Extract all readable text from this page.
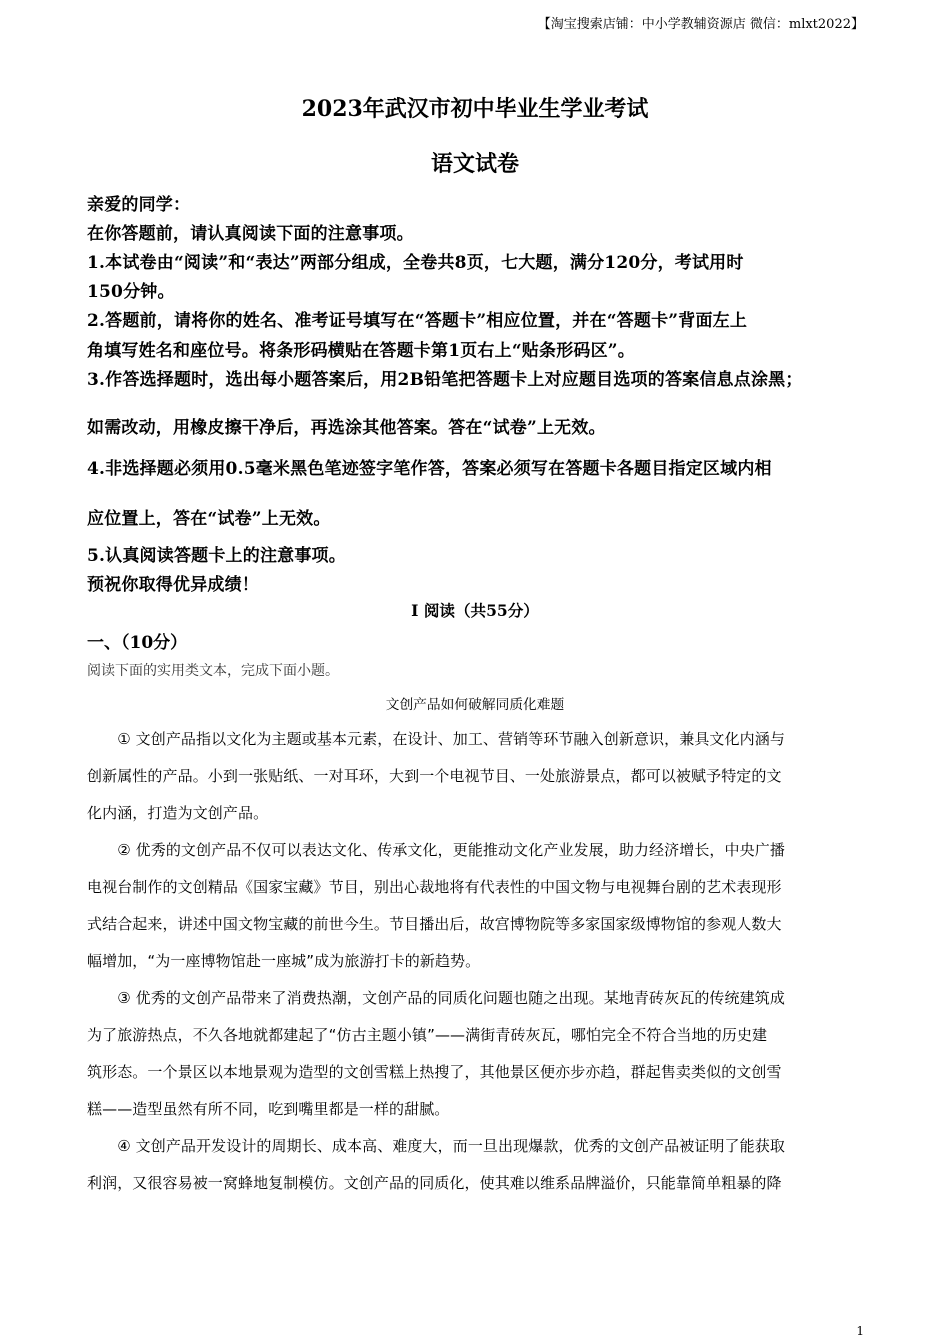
【淘宝搜索店铺：中小学教辅资源店 微信：mlxt2022】
2023年武汉市初中毕业生学业考试
语文试卷
亲爱的同学：
在你答题前，请认真阅读下面的注意事项。
1.本试卷由“阅读”和“表达”两部分组成，全卷共8页，七大题，满分120分，考试用时
150分钟。
2.答题前，请将你的姓名、准考证号填写在“答题卡”相应位置，并在“答题卡”背面左上
角填写姓名和座位号。将条形码横贴在答题卡第1页右上“贴条形码区”。
3.作答选择题时，选出每小题答案后，用2B铅笔把答题卡上对应题目选项的答案信息点涂黑；
如需改动，用橡皮擦干净后，再选涂其他答案。答在“试卷”上无效。
4.非选择题必须用0.5毫米黑色笔迹签字笔作答，答案必须写在答题卡各题目指定区域内相
应位置上，答在“试卷”上无效。
5.认真阅读答题卡上的注意事项。
预祝你取得优异成绩！
Ⅰ 阅读（共55分）
一、（10分）
阅读下面的实用类文本，完成下面小题。
文创产品如何破解同质化难题
　　① 文创产品指以文化为主题或基本元素，在设计、加工、营销等环节融入创新意识，兼具文化内涵与
创新属性的产品。小到一张贴纸、一对耳环，大到一个电视节目、一处旅游景点，都可以被赋予特定的文
化内涵，打造为文创产品。
　　② 优秀的文创产品不仅可以表达文化、传承文化，更能推动文化产业发展，助力经济增长，中央广播
电视台制作的文创精品《国家宝藏》节目，别出心裁地将有代表性的中国文物与电视舞台剧的艺术表现形
式结合起来，讲述中国文物宝藏的前世今生。节目播出后，故宫博物院等多家国家级博物馆的参观人数大
幅增加，“为一座博物馆赴一座城”成为旅游打卡的新趋势。
　　③ 优秀的文创产品带来了消费热潮，文创产品的同质化问题也随之出现。某地青砖灰瓦的传统建筑成
为了旅游热点，不久各地就都建起了“仿古主题小镇”——满街青砖灰瓦，哪怕完全不符合当地的历史建
筑形态。一个景区以本地景观为造型的文创雪糕上热搜了，其他景区便亦步亦趋，群起售卖类似的文创雪
糕——造型虽然有所不同，吃到嘴里都是一样的甜腻。
　　④ 文创产品开发设计的周期长、成本高、难度大，而一旦出现爆款，优秀的文创产品被证明了能获取
利润，又很容易被一窝蜂地复制模仿。文创产品的同质化，使其难以维系品牌溢价，只能靠简单粗暴的降
1
